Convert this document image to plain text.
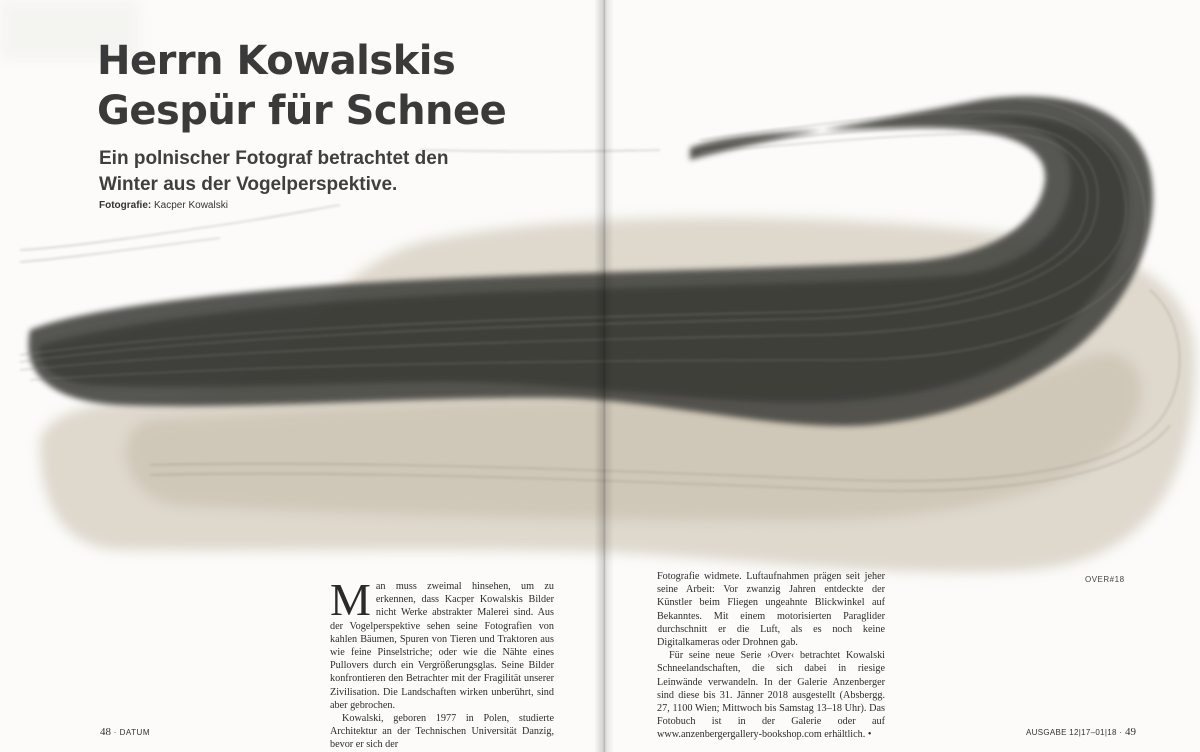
Herrn Kowalskis
Gespür für Schnee
Ein polnischer Fotograf betrachtet den
Winter aus der Vogelperspektive.
Fotografie: Kacper Kowalski
M an muss zweimal hinsehen, um zu erkennen, dass Kacper Kowalskis Bilder nicht Werke abstrakter Malerei sind. Aus der Vogelperspektive sehen seine Fotografien von kahlen Bäumen, Spuren von Tieren und Traktoren aus wie feine Pinselstriche; oder wie die Nähte eines Pullovers durch ein Vergrößerungsglas. Seine Bilder konfrontieren den Betrachter mit der Fragilität unserer Zivilisation. Die Landschaften wirken unberührt, sind aber gebrochen.

Kowalski, geboren 1977 in Polen, studierte Architektur an der Technischen Universität Danzig, bevor er sich der

Fotografie widmete. Luftaufnahmen prägen seit jeher seine Arbeit: Vor zwanzig Jahren entdeckte der Künstler beim Fliegen ungeahnte Blickwinkel auf Bekanntes. Mit einem motorisierten Paraglider durchschnitt er die Luft, als es noch keine Digitalkameras oder Drohnen gab.

Für seine neue Serie ›Over‹ betrachtet Kowalski Schneelandschaften, die sich dabei in riesige Leinwände verwandeln. In der Galerie Anzenberger sind diese bis 31. Jänner 2018 ausgestellt (Absbergg. 27, 1100 Wien; Mittwoch bis Samstag 13–18 Uhr). Das Fotobuch ist in der Galerie oder auf www.anzenbergergallery-bookshop.com erhältlich. •

OVER#18
48 · DATUM	AUSGABE 12|17–01|18 · 49
